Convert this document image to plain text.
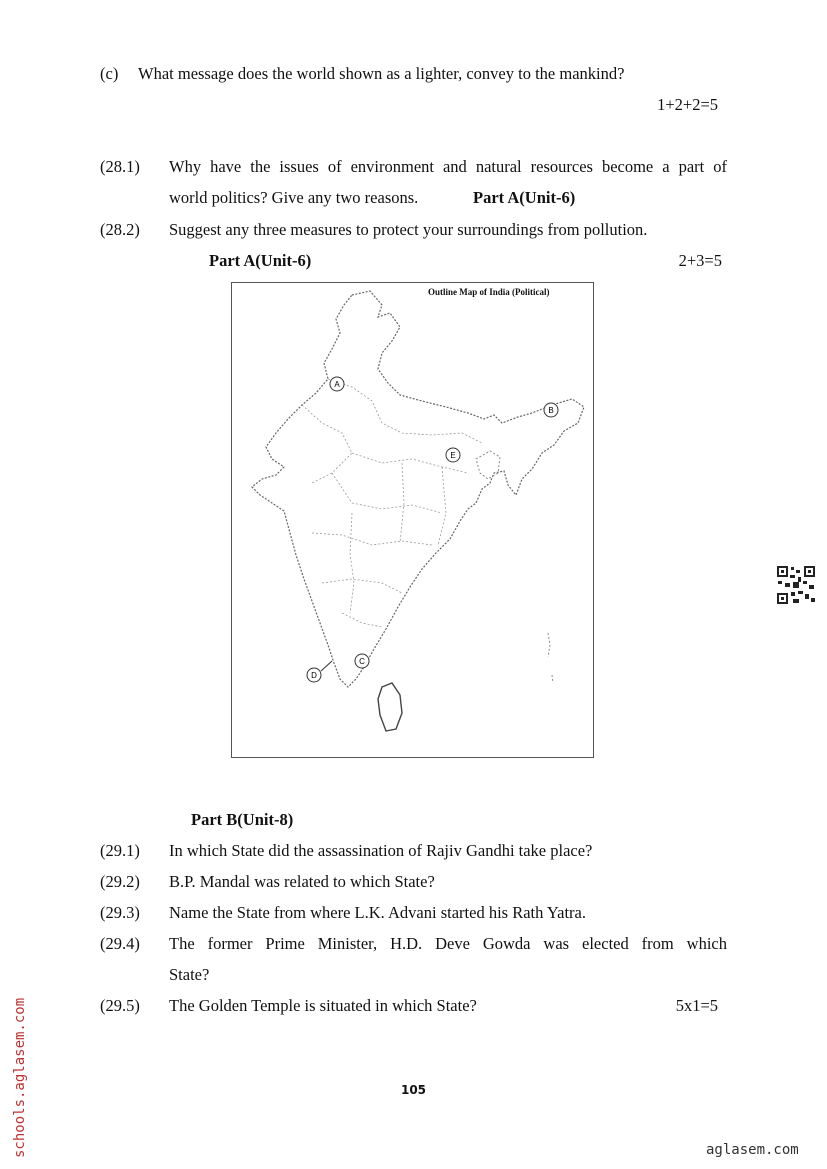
(c) What message does the world shown as a lighter, convey to the mankind?
1+2+2=5
(28.1) Why have the issues of environment and natural resources become a part of
world politics? Give any two reasons.	Part A(Unit-6)
(28.2) Suggest any three measures to protect your surroundings from pollution.
Part A(Unit-6)	2+3=5
Outline Map of India (Political)
A
B
C
D
E
Part B(Unit-8)
(29.1) In which State did the assassination of Rajiv Gandhi take place?
(29.2) B.P. Mandal was related to which State?
(29.3) Name the State from where L.K. Advani started his Rath Yatra.
(29.4) The former Prime Minister, H.D. Deve Gowda was elected from which
State?
(29.5) The Golden Temple is situated in which State?	5x1=5
105
schools.aglasem.com	aglasem.com
